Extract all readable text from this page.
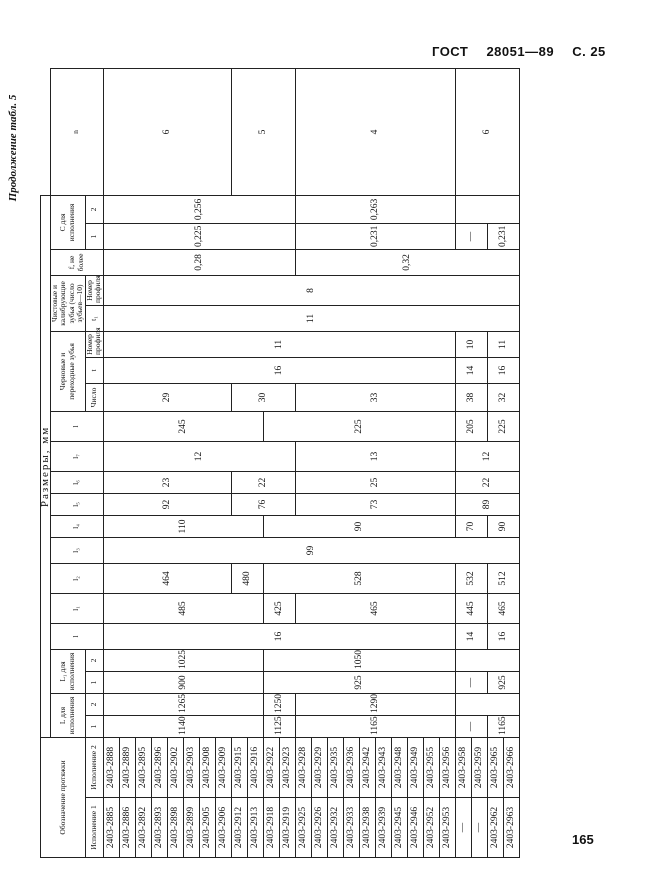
ГОСТ 28051—89 С. 25
Продолжение табл. 5
Обозначение протяжки		Размеры, мм																					
		L для исполнения		L₁ для исполнения		l	l₁	l₂	l₃	l₄	l₅	l₆	l₇	l	Черновые и переходные зубья			Чистовые и калибрующие зубья (число зубьев—10)		f, не более	C для исполнения		n
Исполнение 1	Исполнение 2	1	2	1	2										Число	t	Номер профиля	t₁	Номер профиля		1	2	
2403-2885	2403-2888	1140	1265	900	1025	16	485	464	99	110	92	23	12	245	29	16	11	11	8	0,28	0,225	0,256	6
2403-2886	2403-2889																						
2403-2892	2403-2895																						
2403-2893	2403-2896																						
2403-2898	2403-2902																						
2403-2899	2403-2903																						
2403-2905	2403-2908																						
2403-2906	2403-2909																						
2403-2912	2403-2915							480			76	22			30								5
2403-2913	2403-2916																						
2403-2918	2403-2922	1125	1250	925	1050		425	528		90				225									
2403-2919	2403-2923																						
2403-2925	2403-2928	1165	1290				465				73	25	13		33					0,32	0,231	0,263	4
2403-2926	2403-2929																						
2403-2932	2403-2935																						
2403-2933	2403-2936																						
2403-2938	2403-2942																						
2403-2939	2403-2943																						
2403-2945	2403-2948																						
2403-2946	2403-2949																						
2403-2952	2403-2955																						
2403-2953	2403-2956																						
—	2403-2958	—		—		14	445	532		70	89	22	12	205	38	14	10				—		6
—	2403-2959																						
2403-2962	2403-2965	1165		925		16	465	512		90				225	32	16	11				0,231		
2403-2963	2403-2966																						
165
